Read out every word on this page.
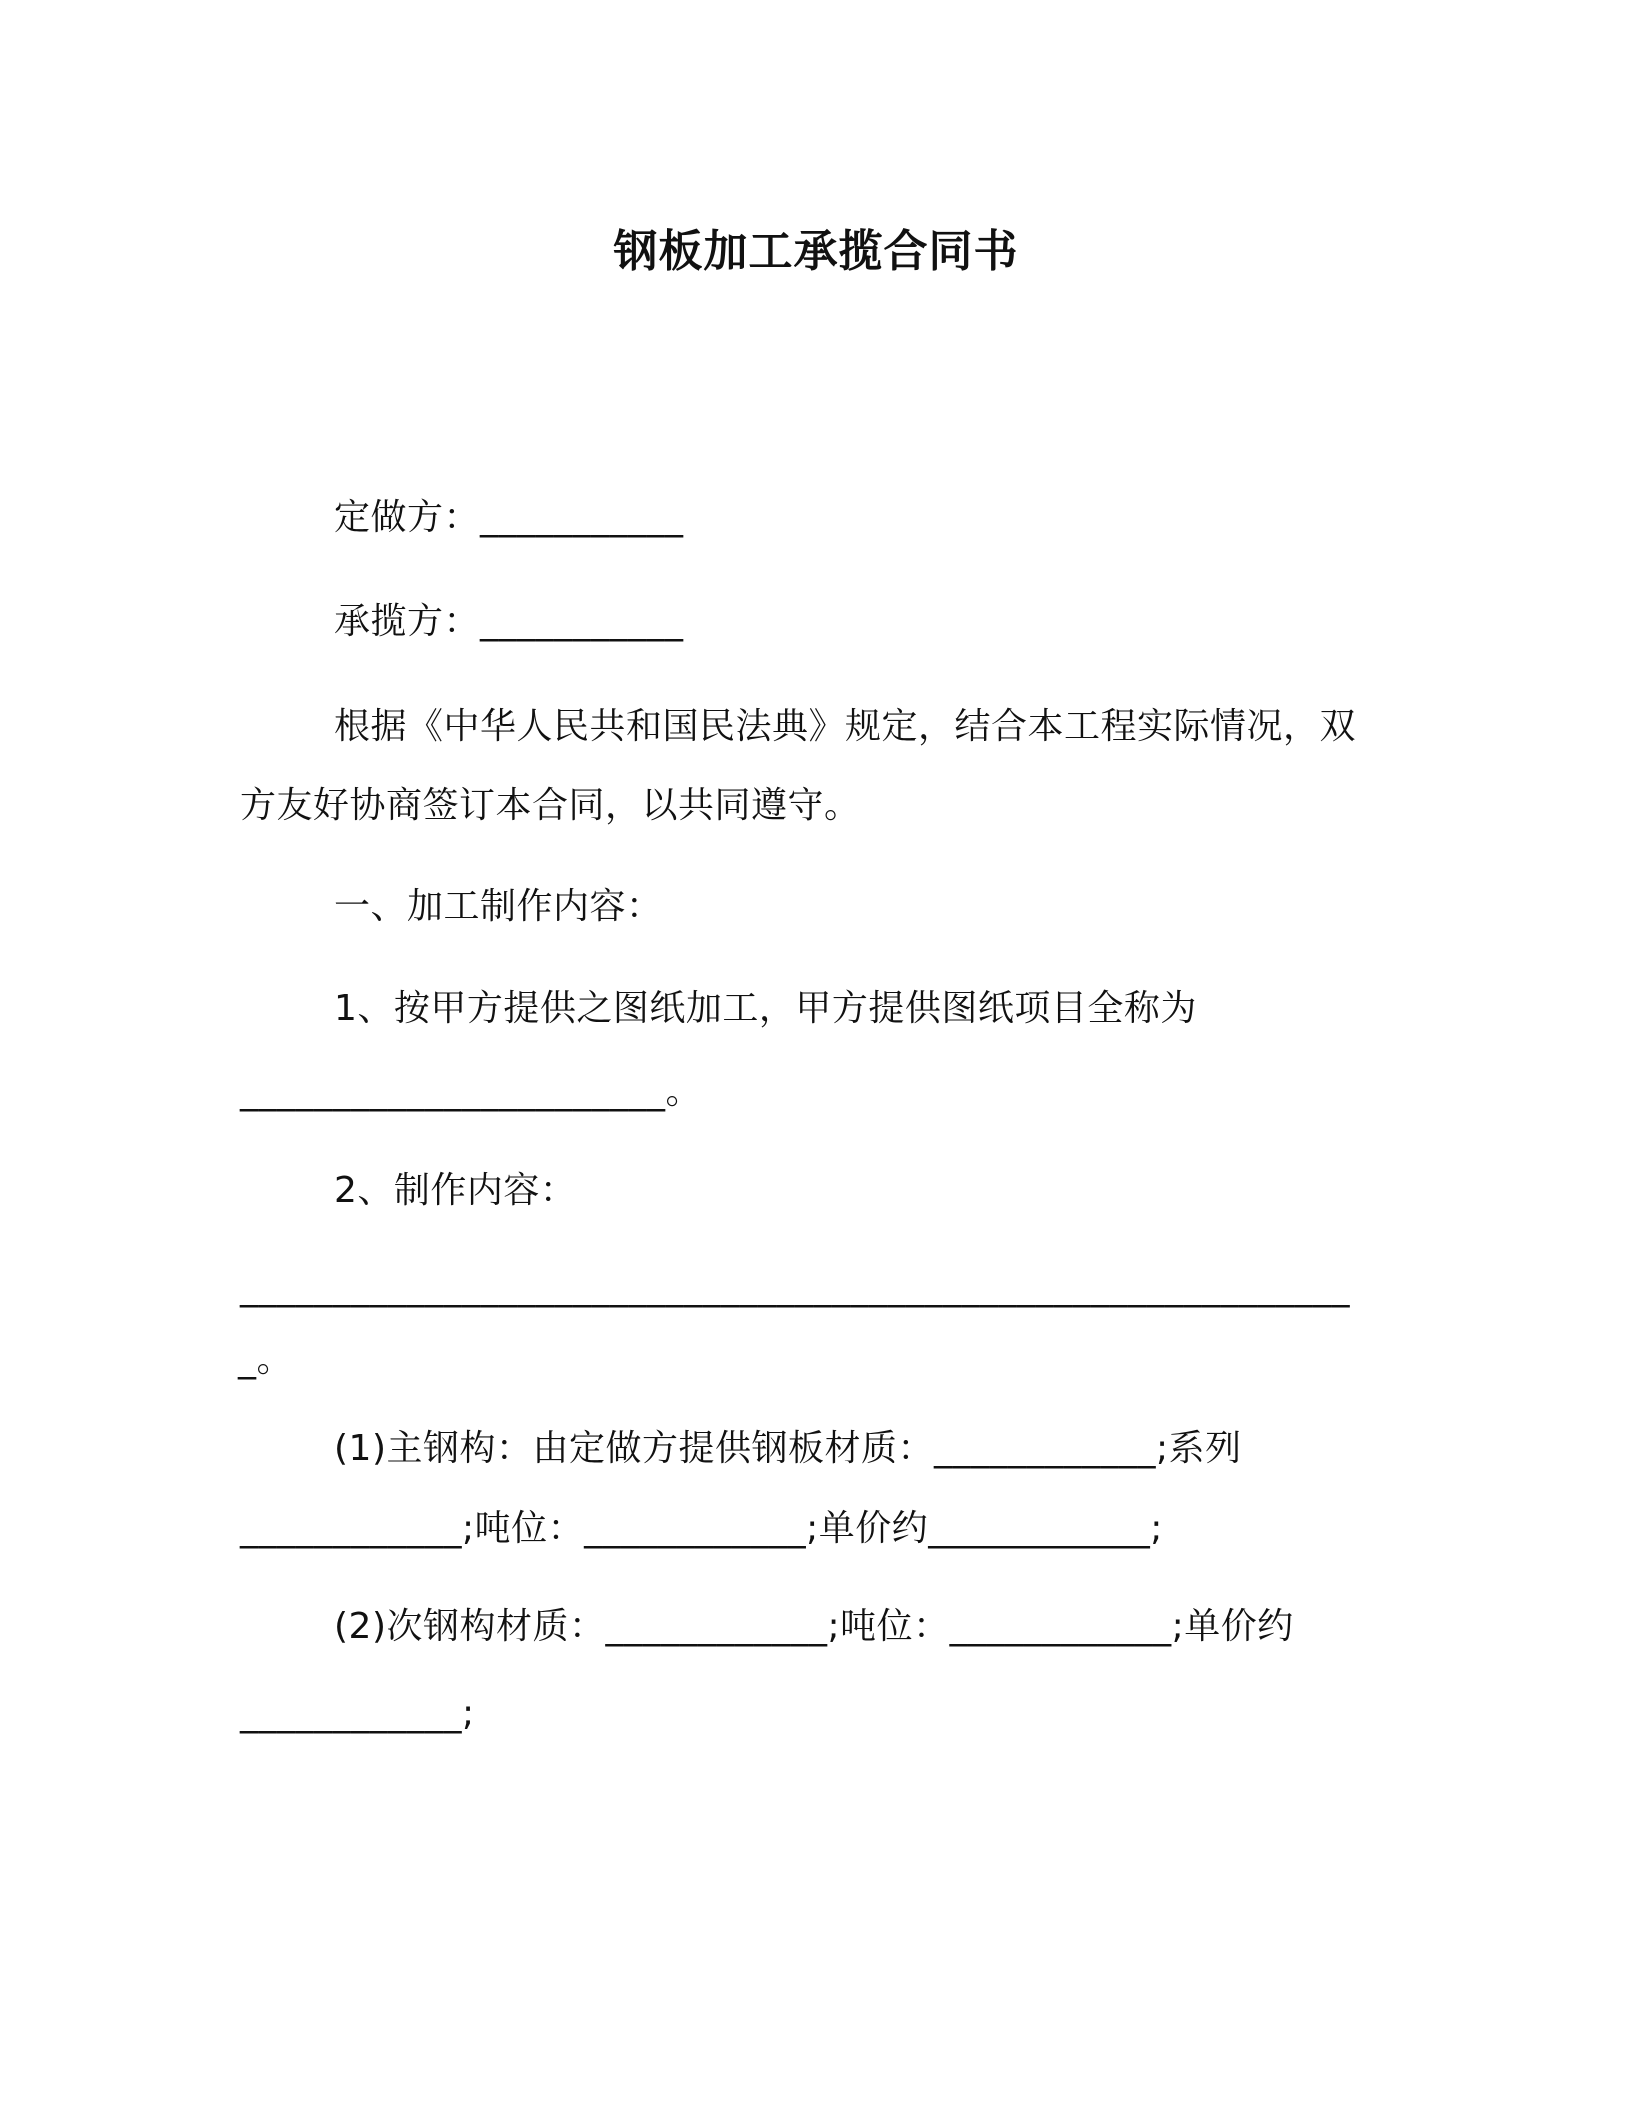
钢板加工承揽合同书
定做方：___________
承揽方：___________
根据《中华人民共和国民法典》规定，结合本工程实际情况，双
方友好协商签订本合同，以共同遵守。
一、加工制作内容：
1、按甲方提供之图纸加工，甲方提供图纸项目全称为
_______________________。
2、制作内容：
____________________________________________________________
_。
(1)主钢构：由定做方提供钢板材质：____________;系列
____________;吨位：____________;单价约____________;
(2)次钢构材质：____________;吨位：____________;单价约
____________;
